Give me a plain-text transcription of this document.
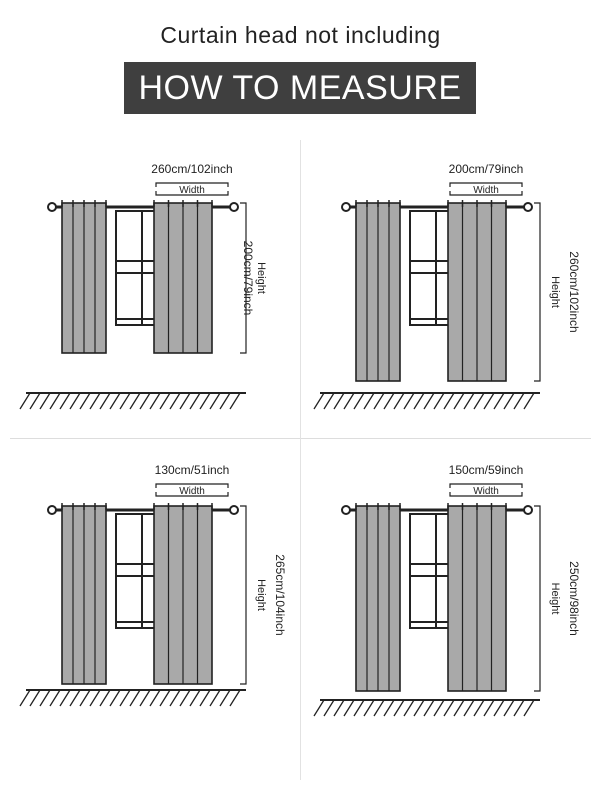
Curtain head not including
HOW TO MEASURE
260cm/102inch
Width
Height
200cm/79inch
200cm/79inch
Width
Height 260cm/102inch
130cm/51inch
Width
Height 265cm/104inch
150cm/59inch
Width
Height 250cm/98inch
